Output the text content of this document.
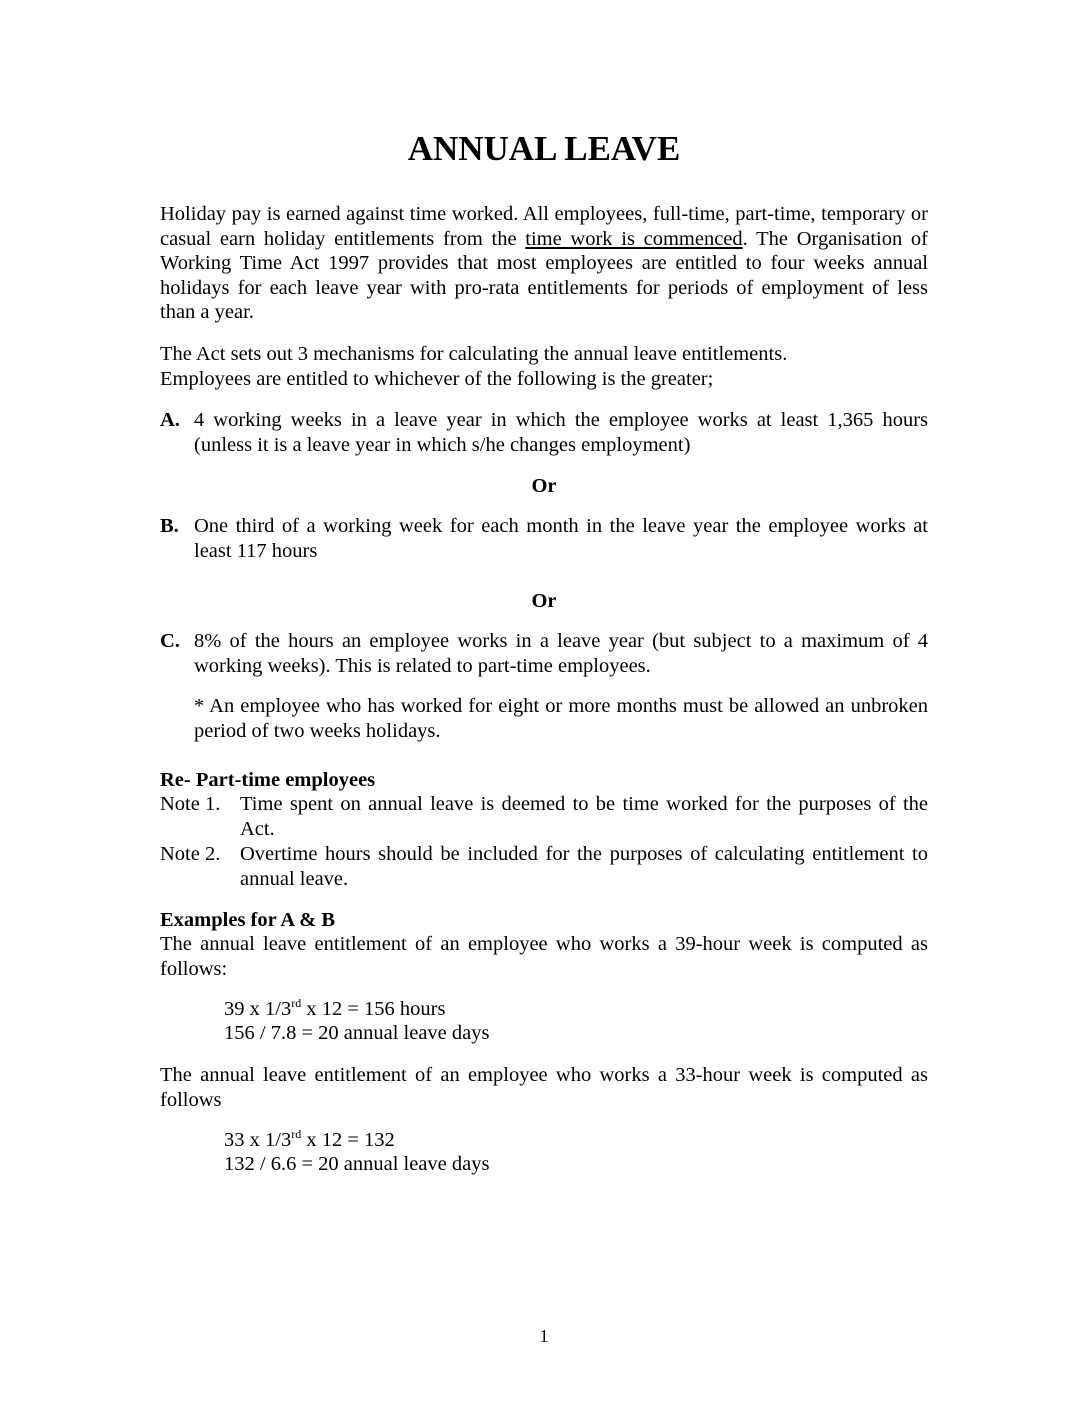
ANNUAL LEAVE
Holiday pay is earned against time worked. All employees, full-time, part-time, temporary or casual earn holiday entitlements from the time work is commenced. The Organisation of Working Time Act 1997 provides that most employees are entitled to four weeks annual holidays for each leave year with pro-rata entitlements for periods of employment of less than a year.
The Act sets out 3 mechanisms for calculating the annual leave entitlements.
Employees are entitled to whichever of the following is the greater;
A. 4 working weeks in a leave year in which the employee works at least 1,365 hours (unless it is a leave year in which s/he changes employment)
Or
B. One third of a working week for each month in the leave year the employee works at least 117 hours
Or
C. 8% of the hours an employee works in a leave year (but subject to a maximum of 4 working weeks). This is related to part-time employees.
* An employee who has worked for eight or more months must be allowed an unbroken period of two weeks holidays.
Re- Part-time employees
Note 1. Time spent on annual leave is deemed to be time worked for the purposes of the Act.
Note 2. Overtime hours should be included for the purposes of calculating entitlement to annual leave.
Examples for A & B
The annual leave entitlement of an employee who works a 39-hour week is computed as follows:
39 x 1/3rd x 12 = 156 hours
156 / 7.8 = 20 annual leave days
The annual leave entitlement of an employee who works a 33-hour week is computed as follows
33 x 1/3rd x 12 = 132
132 / 6.6 = 20 annual leave days
1
